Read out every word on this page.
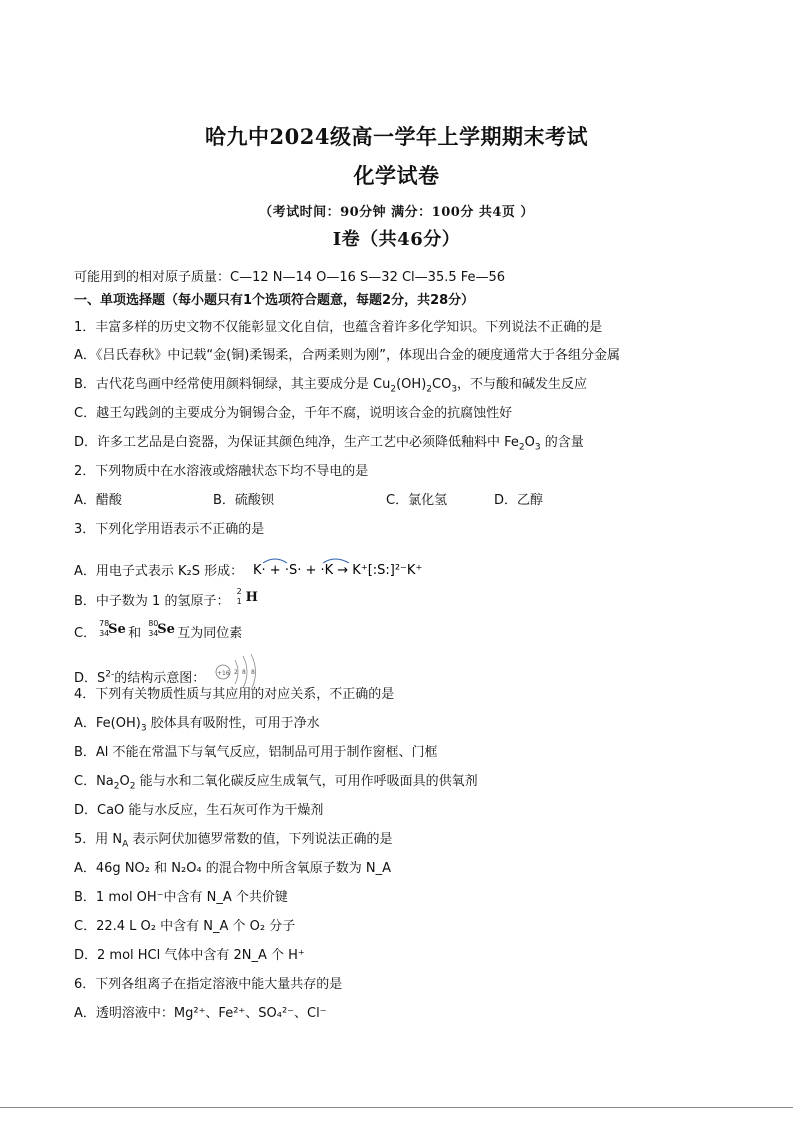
哈九中2024级高一学年上学期期末考试
化学试卷
（考试时间：90分钟 满分：100分 共4页 ）
Ⅰ卷（共46分）
可能用到的相对原子质量：C—12 N—14 O—16 S—32 Cl—35.5 Fe—56
一、单项选择题（每小题只有1个选项符合题意，每题2分，共28分）
1．丰富多样的历史文物不仅能彰显文化自信，也蕴含着许多化学知识。下列说法不正确的是
A．《吕氏春秋》中记载“金(铜)柔锡柔，合两柔则为刚”，体现出合金的硬度通常大于各组分金属
B．古代花鸟画中经常使用颜料铜绿，其主要成分是 $Cu_2(OH)_2CO_3$，不与酸和碱发生反应
C．越王勾践剑的主要成分为铜锡合金，千年不腐，说明该合金的抗腐蚀性好
D．许多工艺品是白瓷器，为保证其颜色纯净，生产工艺中必须降低釉料中 $Fe_2O_3$ 的含量
2．下列物质中在水溶液或熔融状态下均不导电的是
A．醋酸	B．硫酸钡	C．氯化氢	D．乙醇
3．下列化学用语表示不正确的是
A．用电子式表示 K₂S 形成： K· + ·S· + ·K → K⁺[:S:]²⁻K⁺
B．中子数为 1 的氢原子：
2
1 H
C．
78
34
Se 和
80
34
Se 互为同位素
D．$S^{2-}$的结构示意图： +16 2 8 8
4．下列有关物质性质与其应用的对应关系，不正确的是
A．$Fe(OH)_3$ 胶体具有吸附性，可用于净水
B．Al 不能在常温下与氧气反应，铝制品可用于制作窗框、门框
C．$Na_2O_2$ 能与水和二氧化碳反应生成氧气，可用作呼吸面具的供氧剂
D．CaO 能与水反应，生石灰可作为干燥剂
5．用 $N_A$ 表示阿伏加德罗常数的值，下列说法正确的是
A．46g NO₂ 和 N₂O₄ 的混合物中所含氧原子数为 N_A
B．1 mol OH⁻中含有 N_A 个共价键
C．22.4 L O₂ 中含有 N_A 个 O₂ 分子
D．2 mol HCl 气体中含有 2N_A 个 H⁺
6．下列各组离子在指定溶液中能大量共存的是
A．透明溶液中：Mg²⁺、Fe²⁺、SO₄²⁻、Cl⁻
